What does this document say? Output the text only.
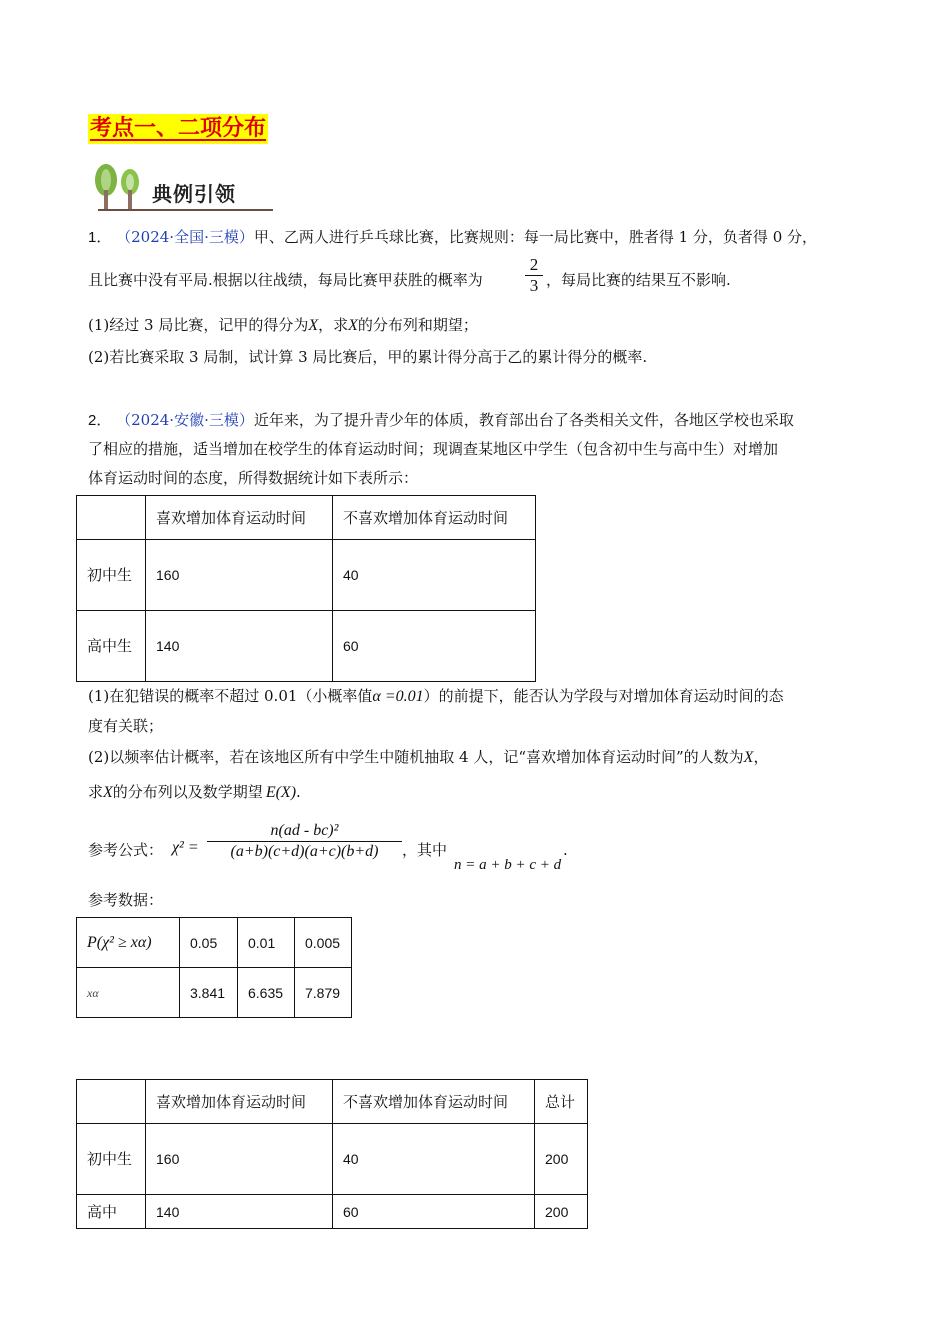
考点一、二项分布
典例引领
1． （2024·全国·三模）甲、乙两人进行乒乓球比赛，比赛规则：每一局比赛中，胜者得 1 分，负者得 0 分，
且比赛中没有平局.根据以往战绩，每局比赛甲获胜的概率为
2
3 ，每局比赛的结果互不影响.
(1)经过 3 局比赛，记甲的得分为X，求X的分布列和期望；
(2)若比赛采取 3 局制，试计算 3 局比赛后，甲的累计得分高于乙的累计得分的概率.
2． （2024·安徽·三模）近年来，为了提升青少年的体质，教育部出台了各类相关文件，各地区学校也采取
了相应的措施，适当增加在校学生的体育运动时间；现调查某地区中学生（包含初中生与高中生）对增加
体育运动时间的态度，所得数据统计如下表所示：
	喜欢增加体育运动时间	不喜欢增加体育运动时间
初中生	160	40
高中生	140	60
(1)在犯错误的概率不超过 0.01（小概率值α =0.01）的前提下，能否认为学段与对增加体育运动时间的态
度有关联；
(2)以频率估计概率，若在该地区所有中学生中随机抽取 4 人，记“喜欢增加体育运动时间”的人数为X，
求X的分布列以及数学期望 E(X).
参考公式： χ² =
n(ad - bc)²
(a+b)(c+d)(a+c)(b+d)	，其中
n = a + b + c + d
.
参考数据：
P(χ² ≥ xα)	0.05	0.01	0.005
xα	3.841	6.635	7.879
	喜欢增加体育运动时间	不喜欢增加体育运动时间	总计
初中生	160	40	200
高中	140	60	200
